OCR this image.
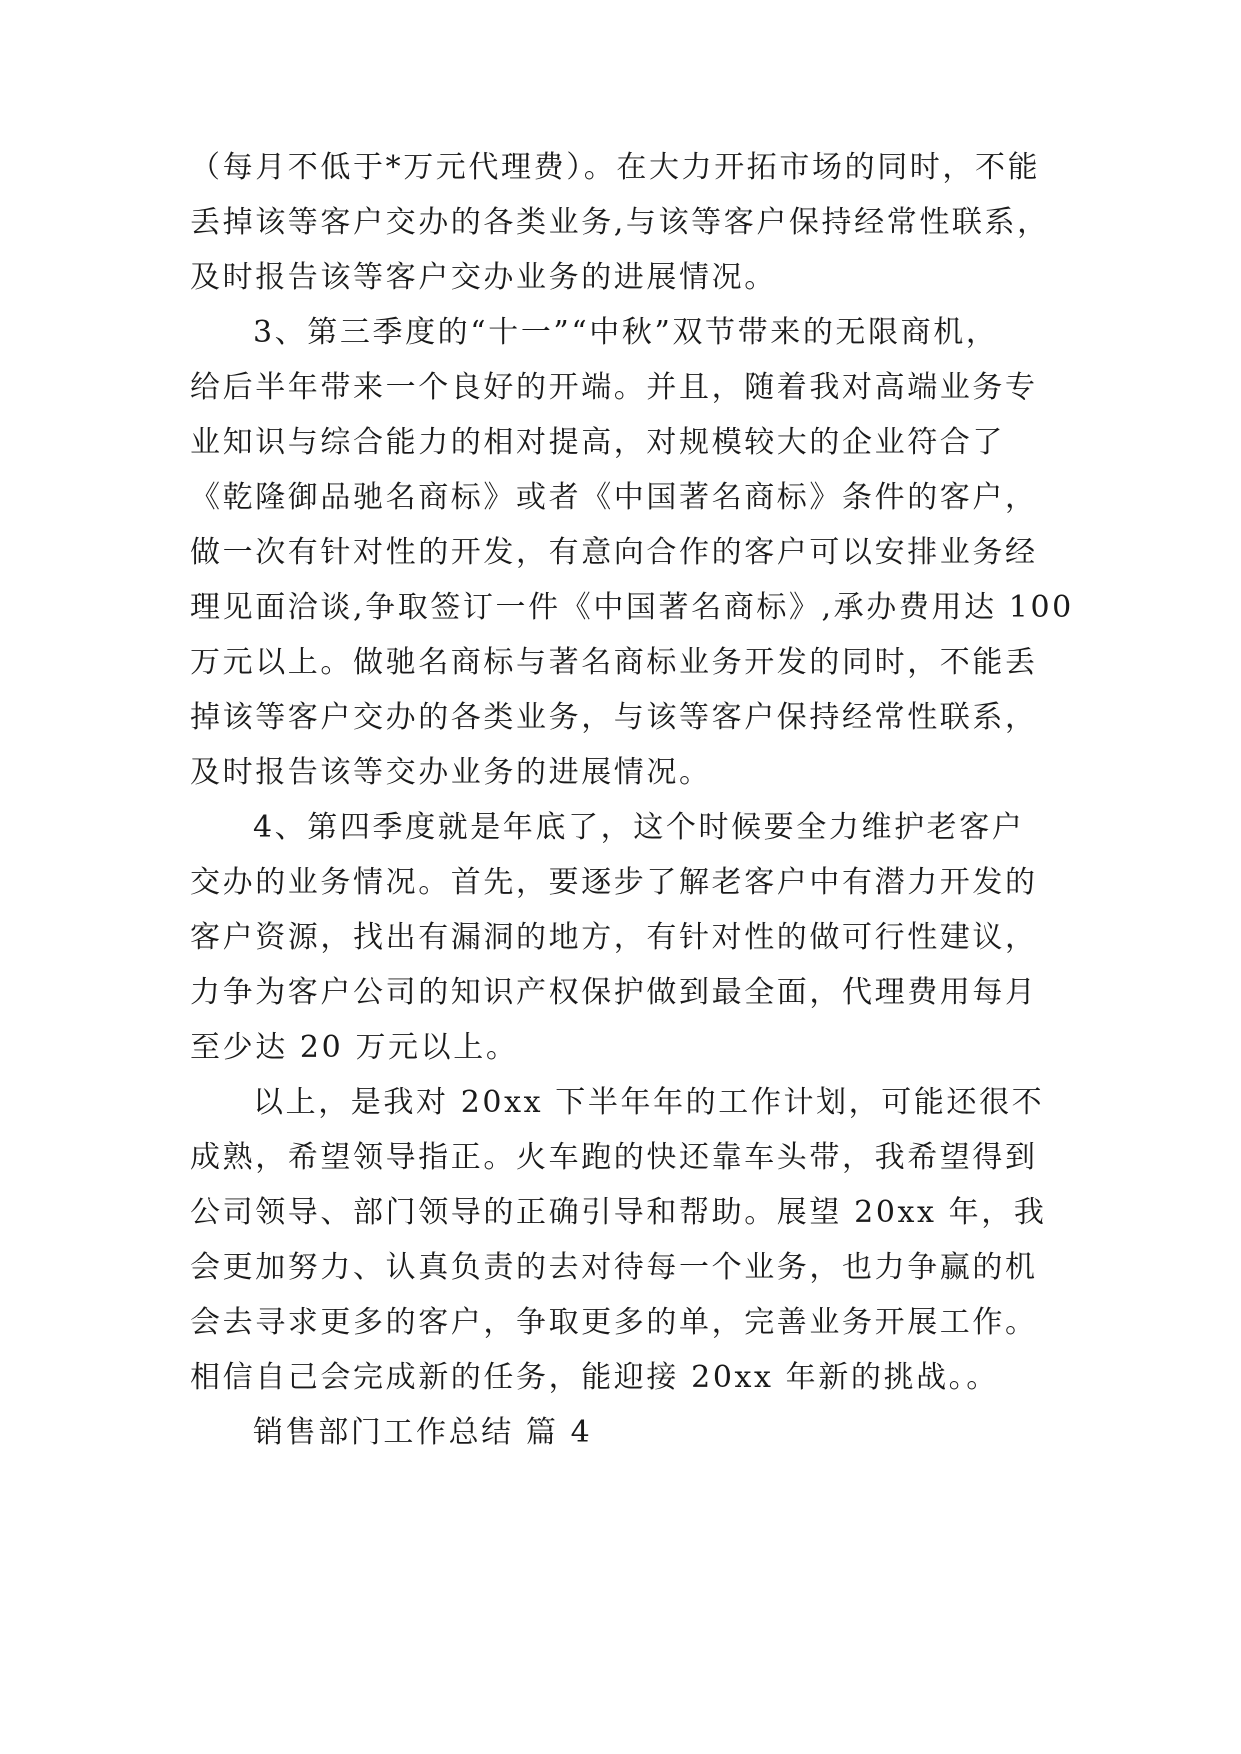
（每月不低于*万元代理费）。在大力开拓市场的同时，不能
丢掉该等客户交办的各类业务,与该等客户保持经常性联系，
及时报告该等客户交办业务的进展情况。
3、第三季度的“十一”“中秋”双节带来的无限商机，
给后半年带来一个良好的开端。并且，随着我对高端业务专
业知识与综合能力的相对提高，对规模较大的企业符合了
《乾隆御品驰名商标》或者《中国著名商标》条件的客户，
做一次有针对性的开发，有意向合作的客户可以安排业务经
理见面洽谈,争取签订一件《中国著名商标》,承办费用达 100
万元以上。做驰名商标与著名商标业务开发的同时，不能丢
掉该等客户交办的各类业务，与该等客户保持经常性联系，
及时报告该等交办业务的进展情况。
4、第四季度就是年底了，这个时候要全力维护老客户
交办的业务情况。首先，要逐步了解老客户中有潜力开发的
客户资源，找出有漏洞的地方，有针对性的做可行性建议，
力争为客户公司的知识产权保护做到最全面，代理费用每月
至少达 20 万元以上。
以上，是我对 20xx 下半年年的工作计划，可能还很不
成熟，希望领导指正。火车跑的快还靠车头带，我希望得到
公司领导、部门领导的正确引导和帮助。展望 20xx 年，我
会更加努力、认真负责的去对待每一个业务，也力争赢的机
会去寻求更多的客户，争取更多的单，完善业务开展工作。
相信自己会完成新的任务，能迎接 20xx 年新的挑战。。
销售部门工作总结 篇 4
